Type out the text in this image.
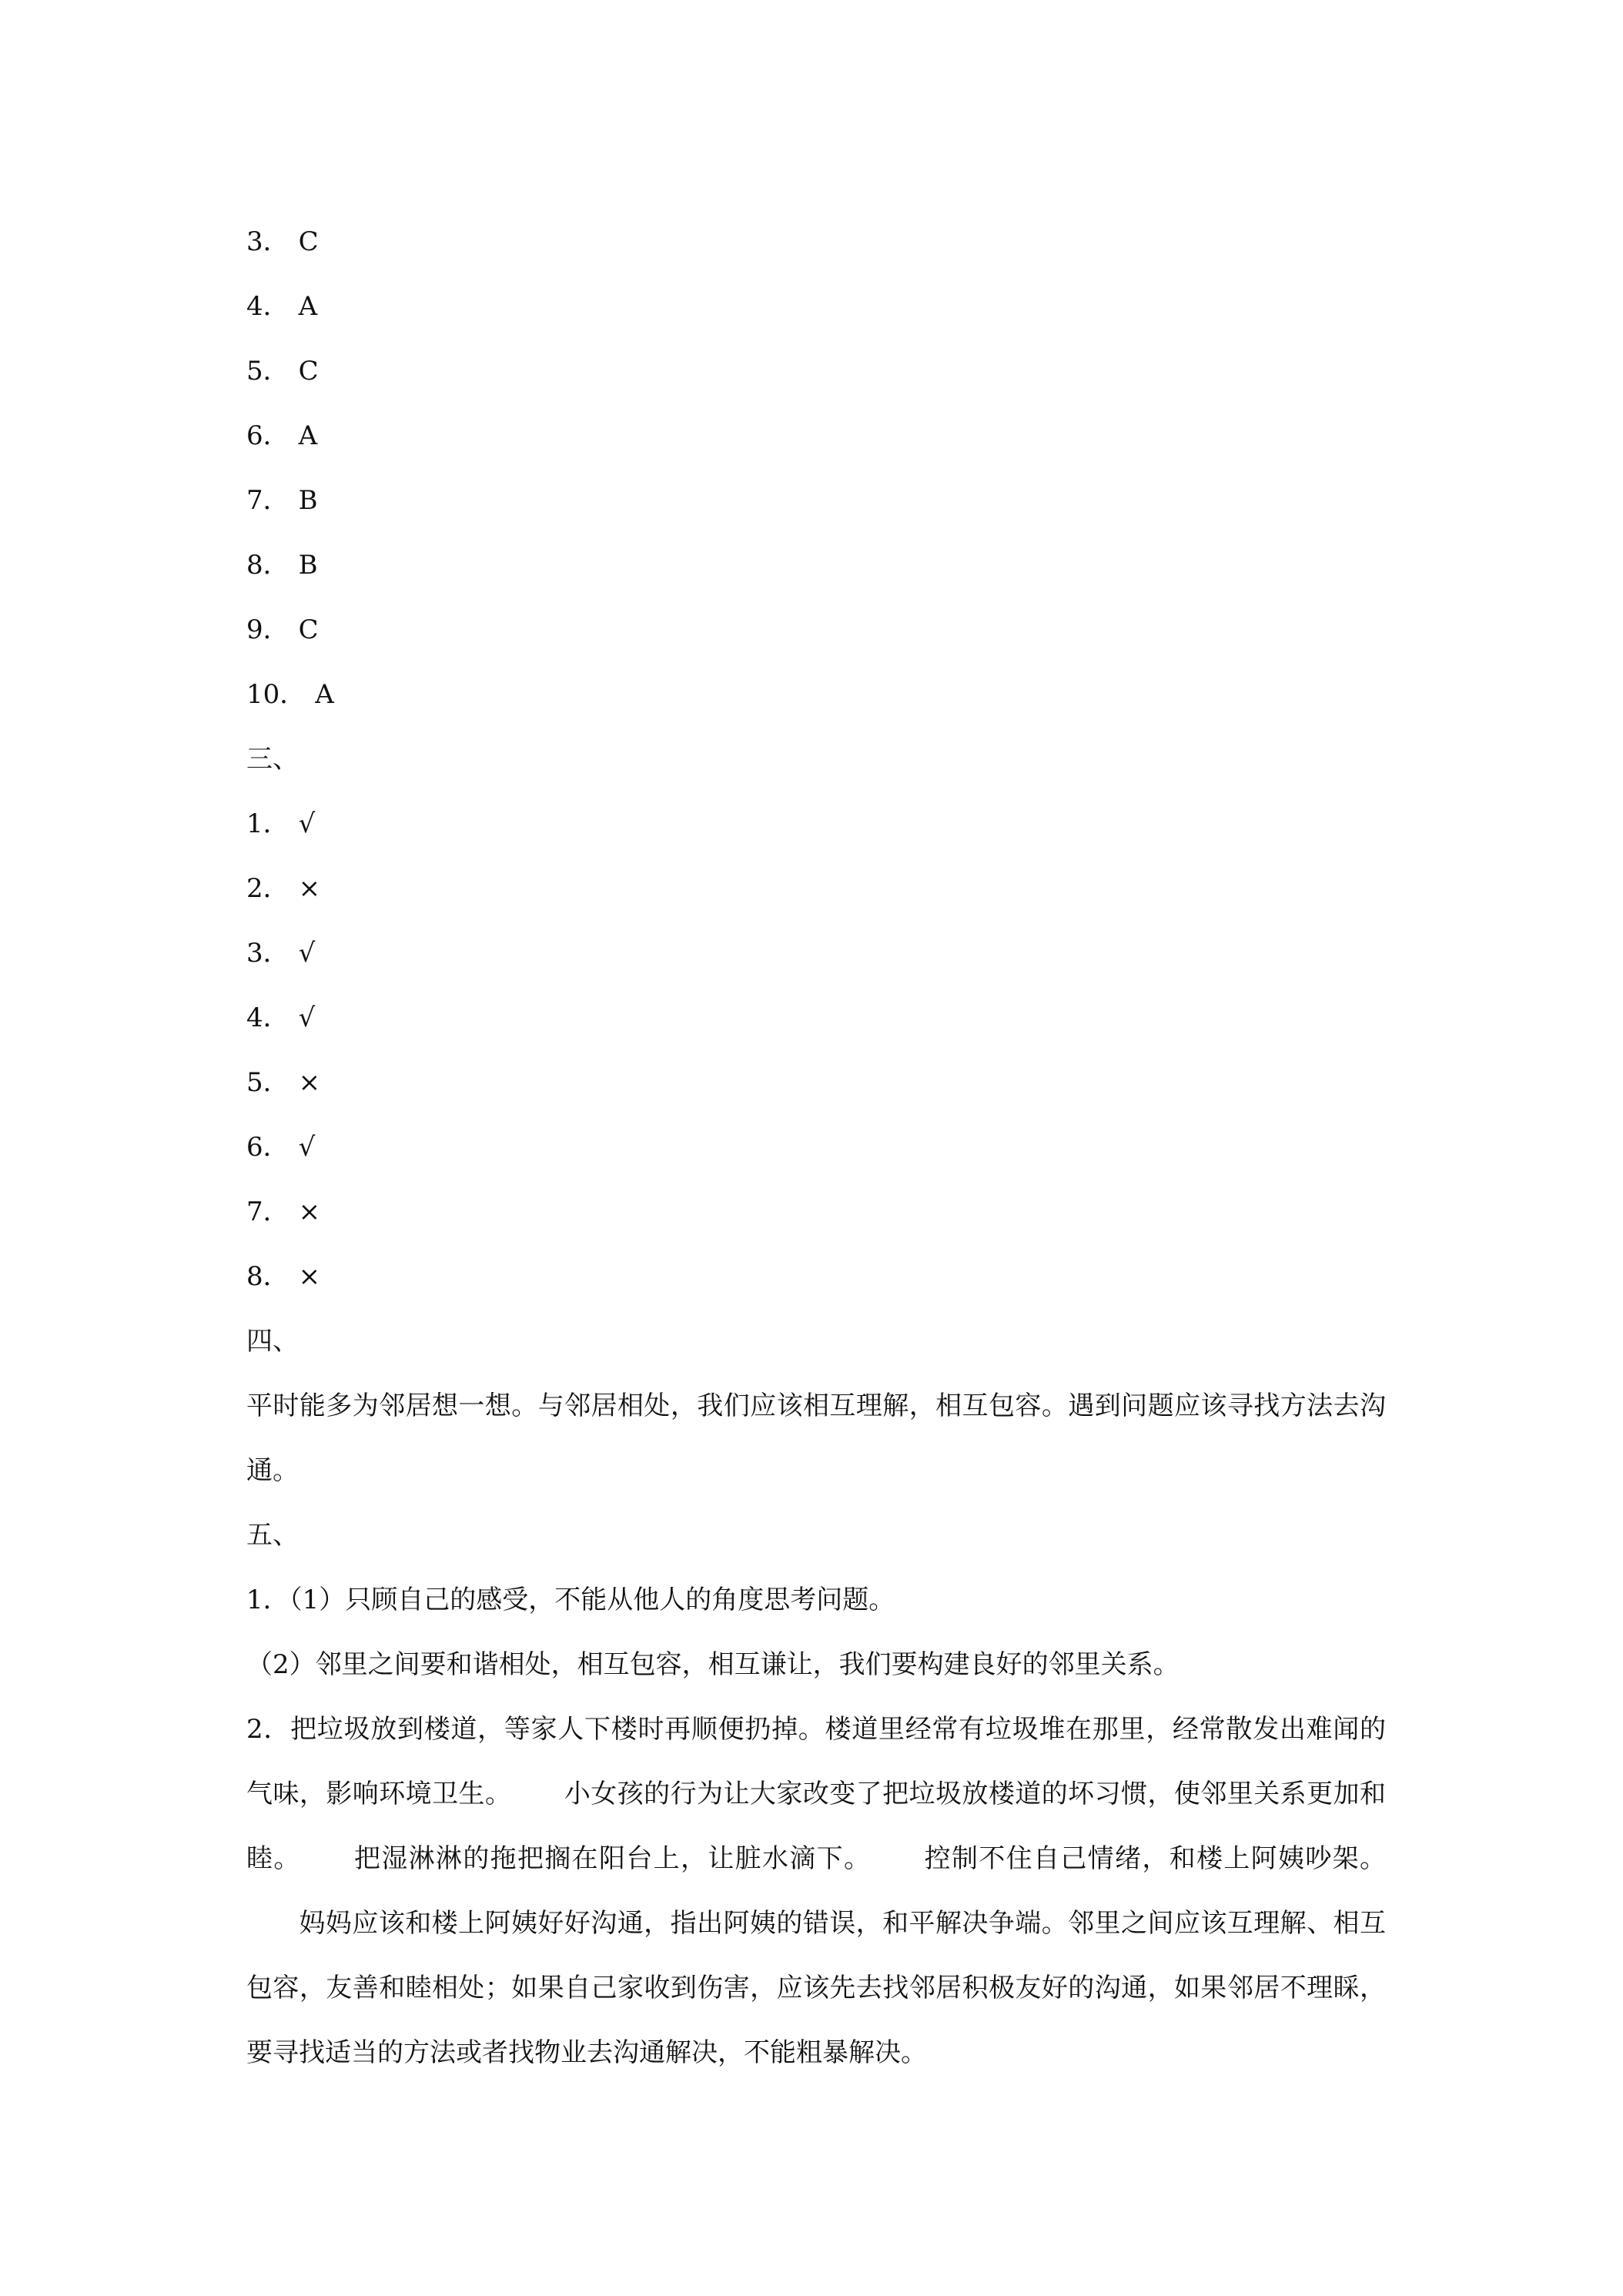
3． C
4． A
5． C
6． A
7． B
8． B
9． C
10． A
三、
1． √
2． ×
3． √
4． √
5． ×
6． √
7． ×
8． ×
四、
平时能多为邻居想一想。与邻居相处，我们应该相互理解，相互包容。遇到问题应该寻找方法去沟通。
五、
1．（1）只顾自己的感受，不能从他人的角度思考问题。
（2）邻里之间要和谐相处，相互包容，相互谦让，我们要构建良好的邻里关系。
2．把垃圾放到楼道，等家人下楼时再顺便扔掉。楼道里经常有垃圾堆在那里，经常散发出难闻的气味，影响环境卫生。 小女孩的行为让大家改变了把垃圾放楼道的坏习惯，使邻里关系更加和睦。 把湿淋淋的拖把搁在阳台上，让脏水滴下。 控制不住自己情绪，和楼上阿姨吵架。妈妈应该和楼上阿姨好好沟通，指出阿姨的错误，和平解决争端。邻里之间应该互理解、相互包容，友善和睦相处；如果自己家收到伤害，应该先去找邻居积极友好的沟通，如果邻居不理睬，要寻找适当的方法或者找物业去沟通解决，不能粗暴解决。
